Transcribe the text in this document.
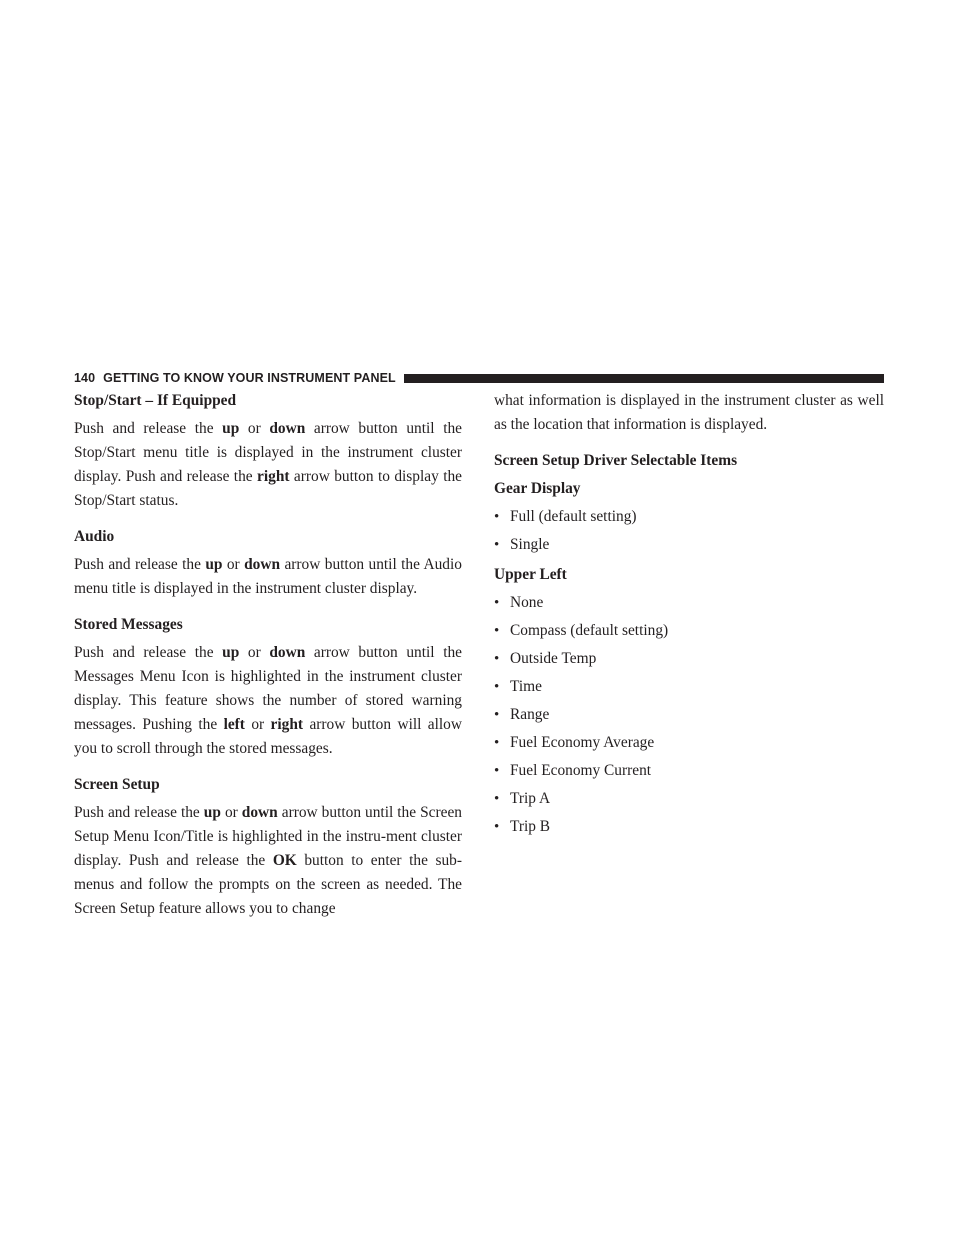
140 GETTING TO KNOW YOUR INSTRUMENT PANEL
Stop/Start – If Equipped

Push and release the up or down arrow button until the Stop/Start menu title is displayed in the instrument cluster display. Push and release the right arrow button to display the Stop/Start status.

Audio

Push and release the up or down arrow button until the Audio menu title is displayed in the instrument cluster display.

Stored Messages

Push and release the up or down arrow button until the Messages Menu Icon is highlighted in the instrument cluster display. This feature shows the number of stored warning messages. Pushing the left or right arrow button will allow you to scroll through the stored messages.

Screen Setup

Push and release the up or down arrow button until the Screen Setup Menu Icon/Title is highlighted in the instru-ment cluster display. Push and release the OK button to enter the sub-menus and follow the prompts on the screen as needed. The Screen Setup feature allows you to change

what information is displayed in the instrument cluster as well as the location that information is displayed.

Screen Setup Driver Selectable Items
Gear Display
• Full (default setting)
• Single
Upper Left
• None
• Compass (default setting)
• Outside Temp
• Time
• Range
• Fuel Economy Average
• Fuel Economy Current
• Trip A
• Trip B
